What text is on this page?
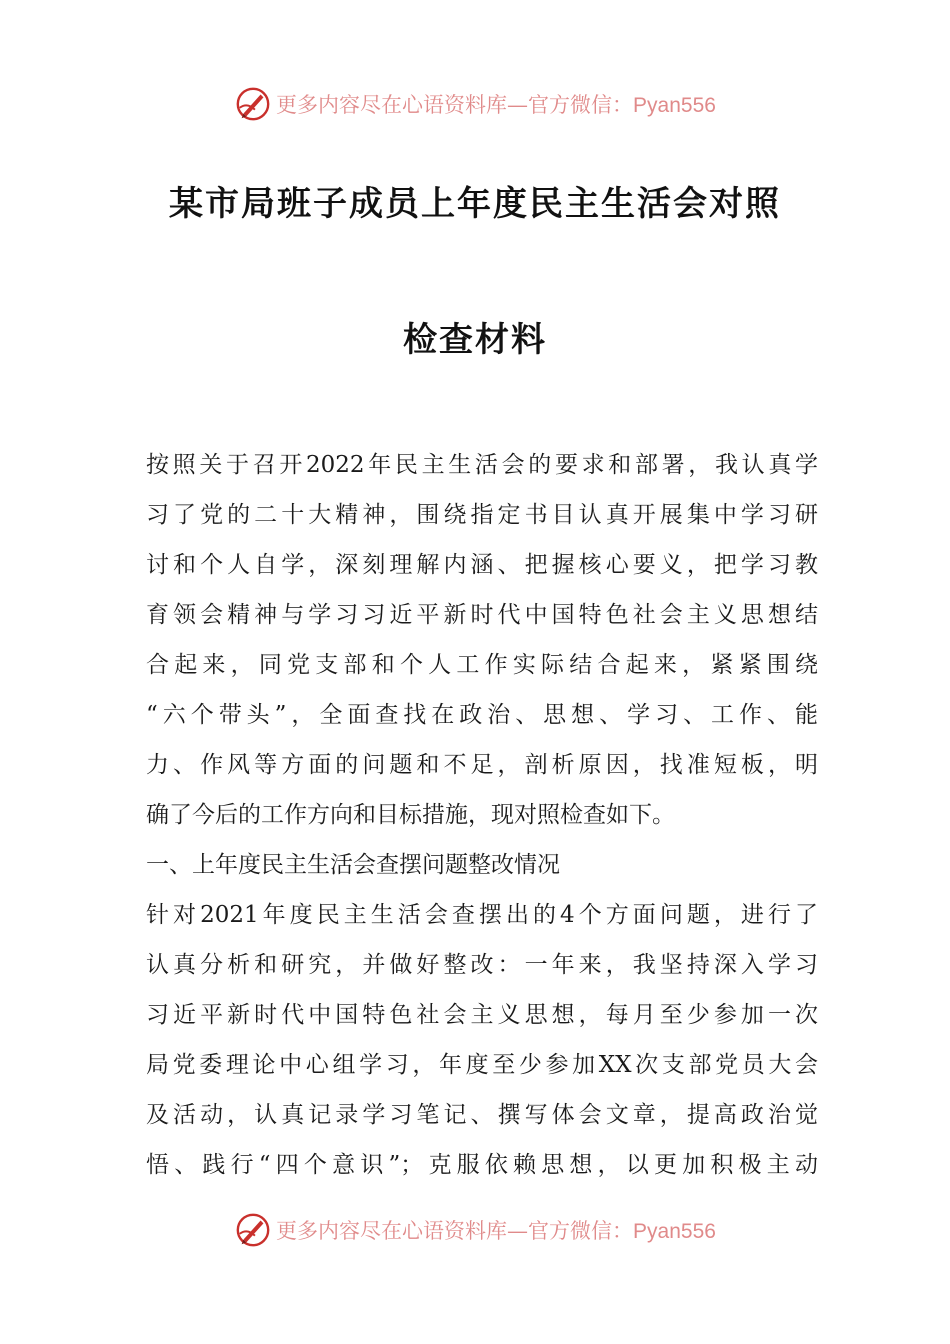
更多内容尽在心语资料库—官方微信：Pyan556
某市局班子成员上年度民主生活会对照
检查材料
按照关于召开2022年民主生活会的要求和部署，我认真学
习了党的二十大精神，围绕指定书目认真开展集中学习研
讨和个人自学，深刻理解内涵、把握核心要义，把学习教
育领会精神与学习习近平新时代中国特色社会主义思想结
合起来，同党支部和个人工作实际结合起来，紧紧围绕
“六个带头”，全面查找在政治、思想、学习、工作、能
力、作风等方面的问题和不足，剖析原因，找准短板，明
确了今后的工作方向和目标措施，现对照检查如下。
一、上年度民主生活会查摆问题整改情况
针对2021年度民主生活会查摆出的4个方面问题，进行了
认真分析和研究，并做好整改：一年来，我坚持深入学习
习近平新时代中国特色社会主义思想，每月至少参加一次
局党委理论中心组学习，年度至少参加XX次支部党员大会
及活动，认真记录学习笔记、撰写体会文章，提高政治觉
悟、践行“四个意识”；克服依赖思想，以更加积极主动
更多内容尽在心语资料库—官方微信：Pyan556
